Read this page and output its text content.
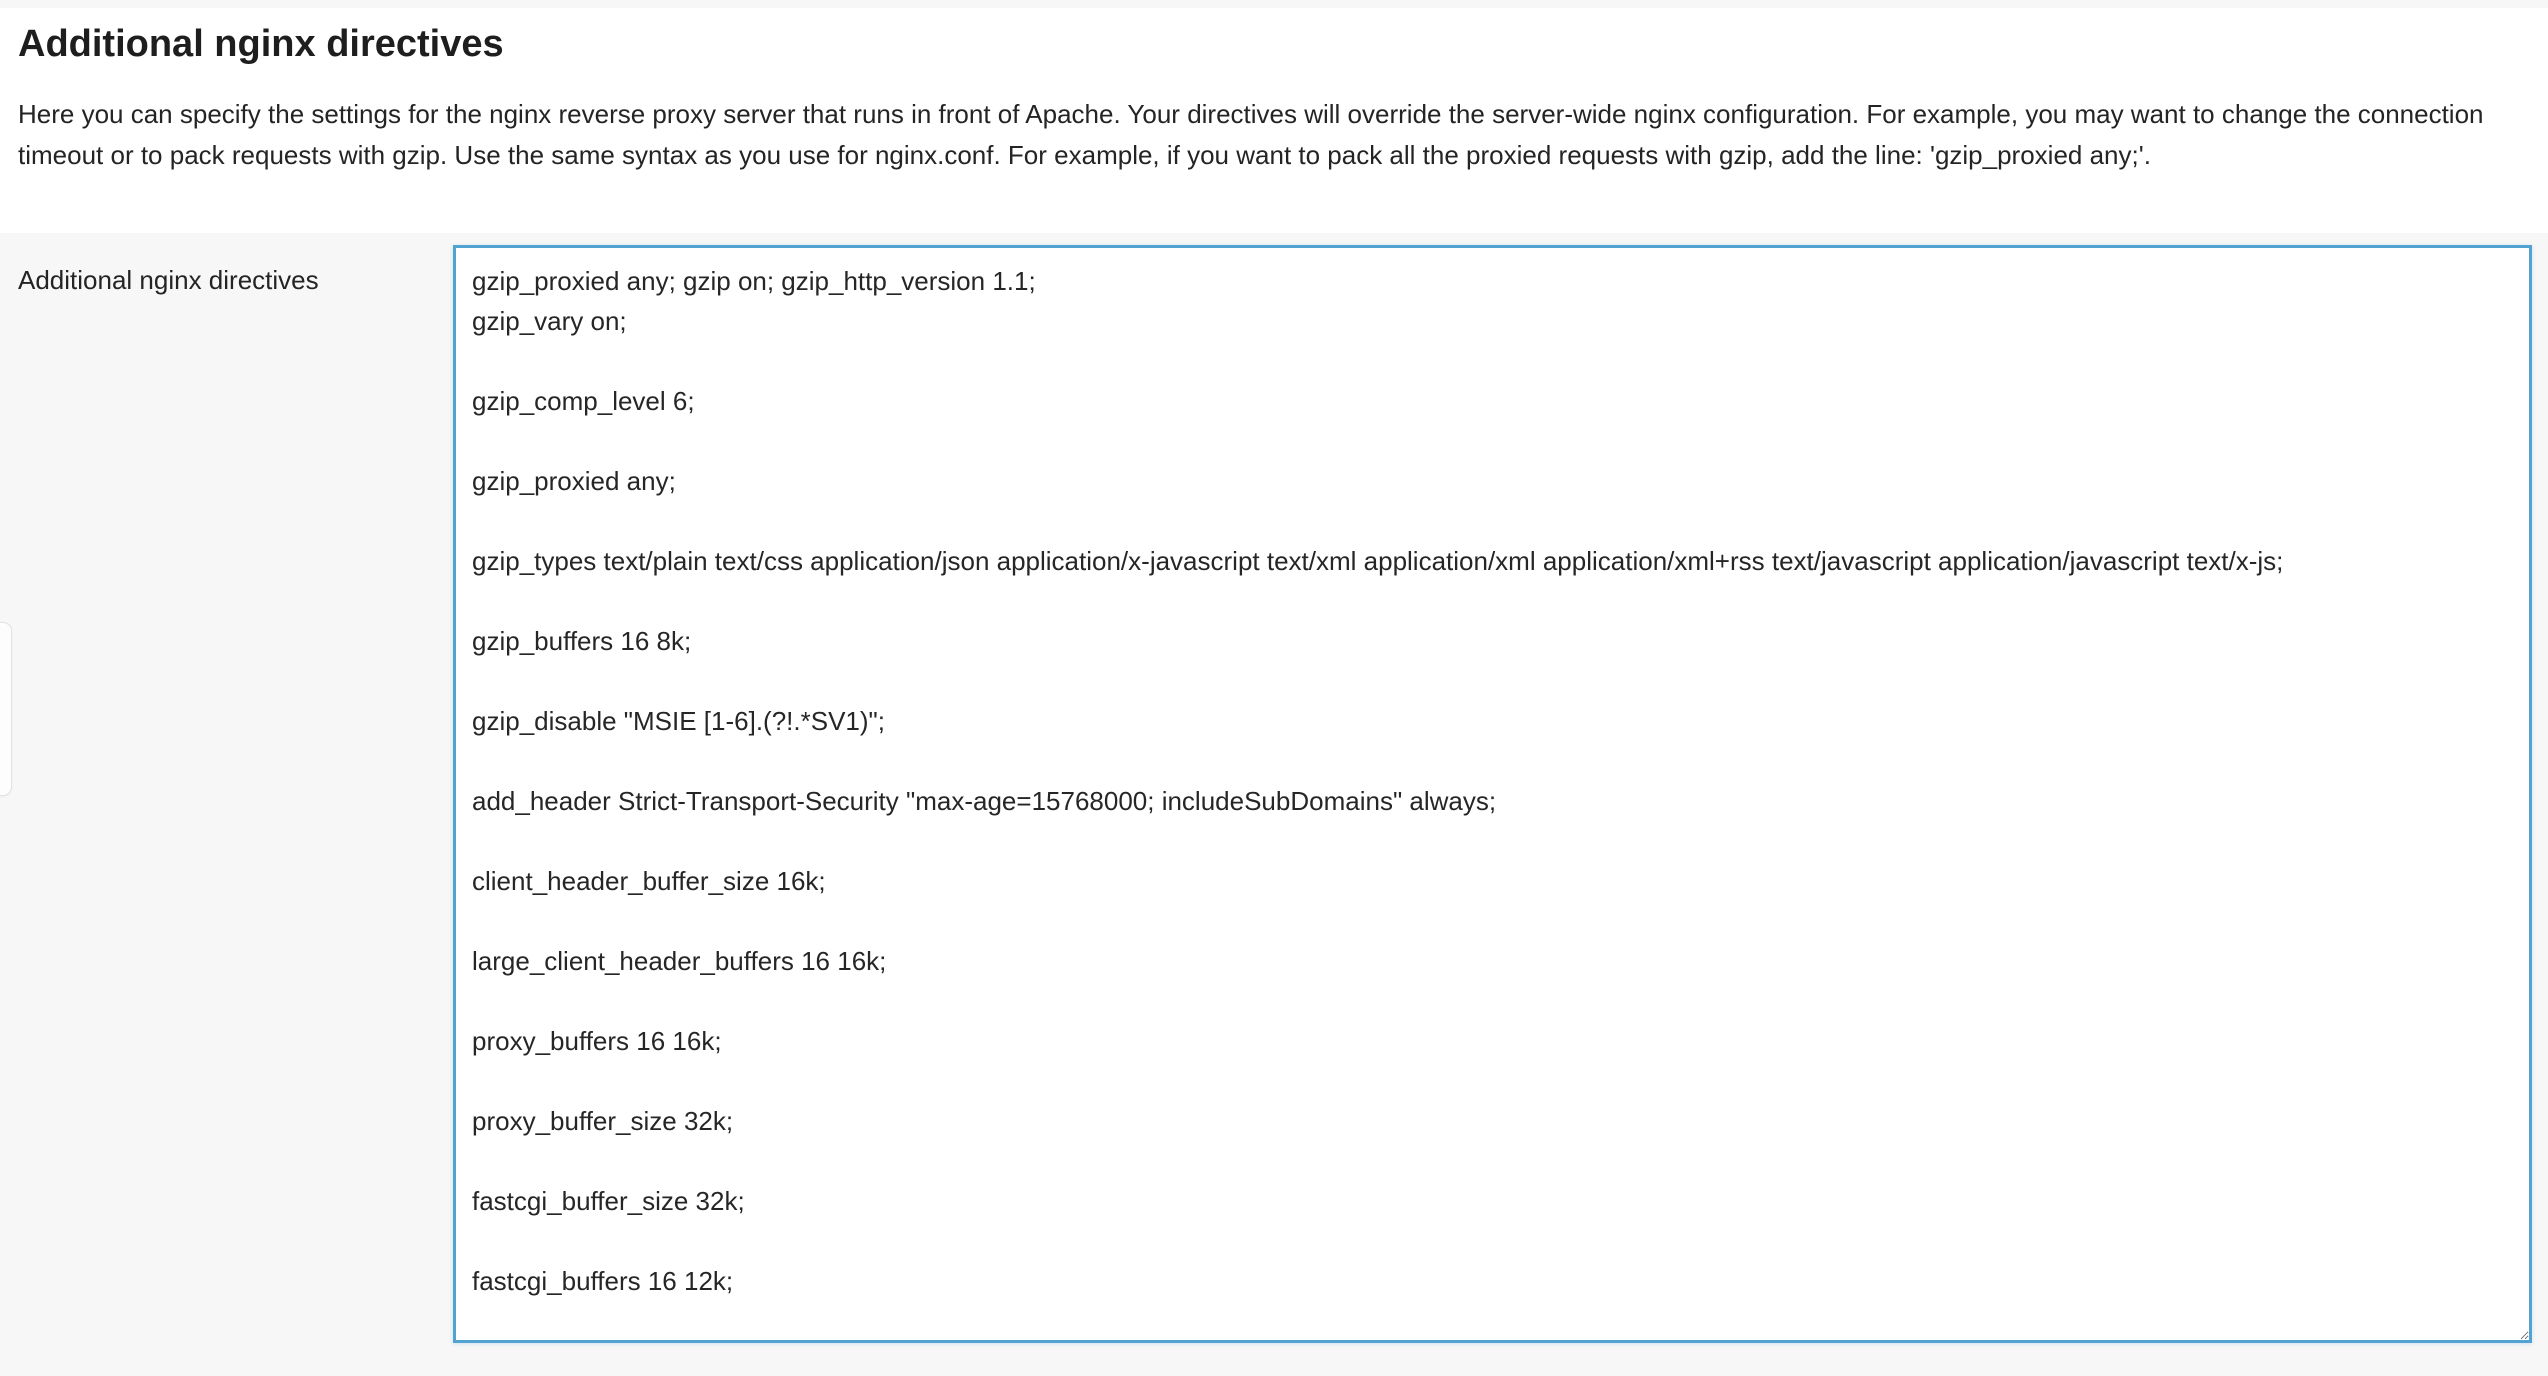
Additional nginx directives

Here you can specify the settings for the nginx reverse proxy server that runs in front of Apache. Your directives will override the server-wide nginx configuration. For example, you may want to change the connection timeout or to pack requests with gzip. Use the same syntax as you use for nginx.conf. For example, if you want to pack all the proxied requests with gzip, add the line: 'gzip_proxied any;'.

Additional nginx directives
gzip_proxied any; gzip on; gzip_http_version 1.1; gzip_vary on; gzip_comp_level 6; gzip_proxied any; gzip_types text/plain text/css application/json application/x-javascript text/xml application/xml application/xml+rss text/javascript application/javascript text/x-js; gzip_buffers 16 8k; gzip_disable "MSIE [1-6].(?!.*SV1)"; add_header Strict-Transport-Security "max-age=15768000; includeSubDomains" always; client_header_buffer_size 16k; large_client_header_buffers 16 16k; proxy_buffers 16 16k; proxy_buffer_size 32k; fastcgi_buffer_size 32k; fastcgi_buffers 16 12k;
